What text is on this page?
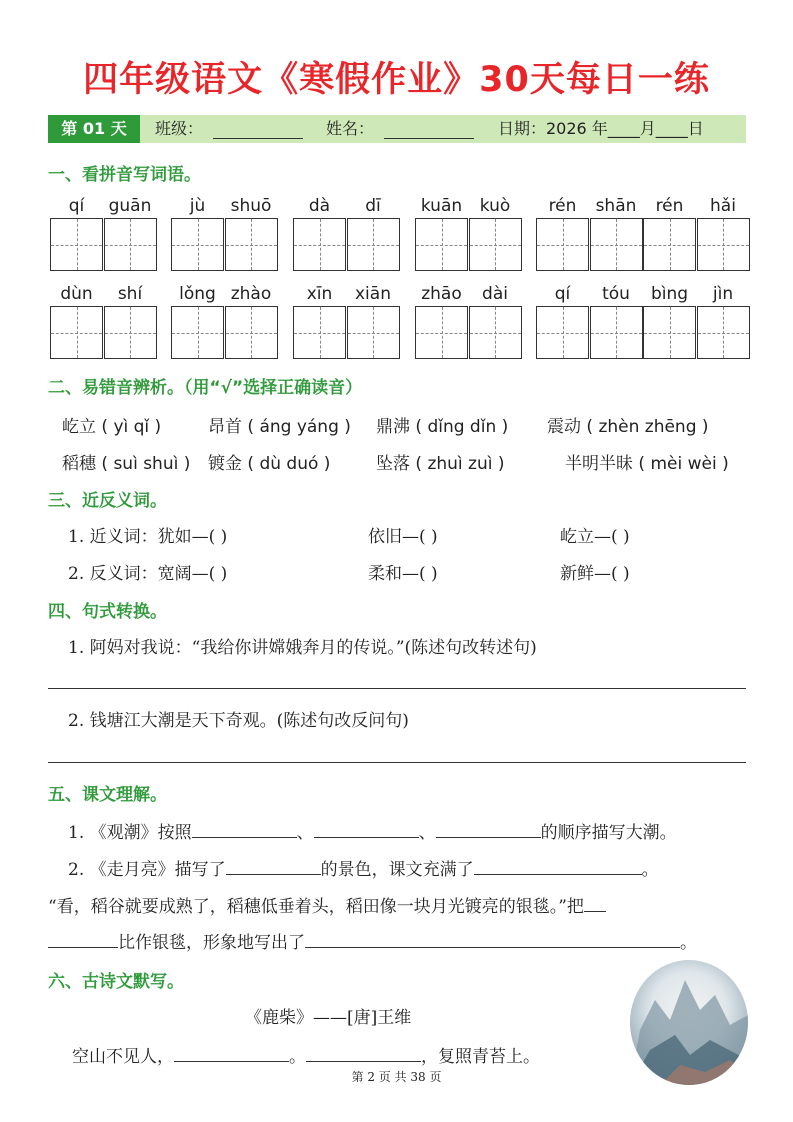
四年级语文《寒假作业》30天每日一练
第 01 天	班级：	姓名：	日期：2026 年____月____日
一、看拼音写词语。
二、易错音辨析。（用“√”选择正确读音）
三、近反义词。
1. 近义词：犹如—( )	依旧—( )	屹立—( )
2. 反义词：宽阔—( )	柔和—( )	新鲜—( )
四、句式转换。
1. 阿妈对我说：“我给你讲嫦娥奔月的传说。”(陈述句改转述句)
2. 钱塘江大潮是天下奇观。(陈述句改反问句)
五、课文理解。
1. 《观潮》按照	、	、	的顺序描写大潮。
2. 《走月亮》描写了	的景色，课文充满了	。
“看，稻谷就要成熟了，稻穗低垂着头，稻田像一块月光镀亮的银毯。”把
比作银毯，形象地写出了	。
六、古诗文默写。
《鹿柴》——[唐]王维
空山不见人，	。	，复照青苔上。
第 2 页 共 38 页
qí	guān	jù	shuō	dà	dī	kuān	kuò	rén	shān	rén	hǎi
dùn	shí	lǒng zhào	xīn	xiān	zhāo	dài	qí	tóu	bìng	jìn
屹立 ( yì qǐ )	昂首 ( áng yáng ) 鼎沸 ( dǐng dǐn ) 震动 ( zhèn zhēng )
稻穗 ( suì shuì ) 镀金 ( dù duó )	坠落 ( zhuì zuì )	半明半昧 ( mèi wèi )
